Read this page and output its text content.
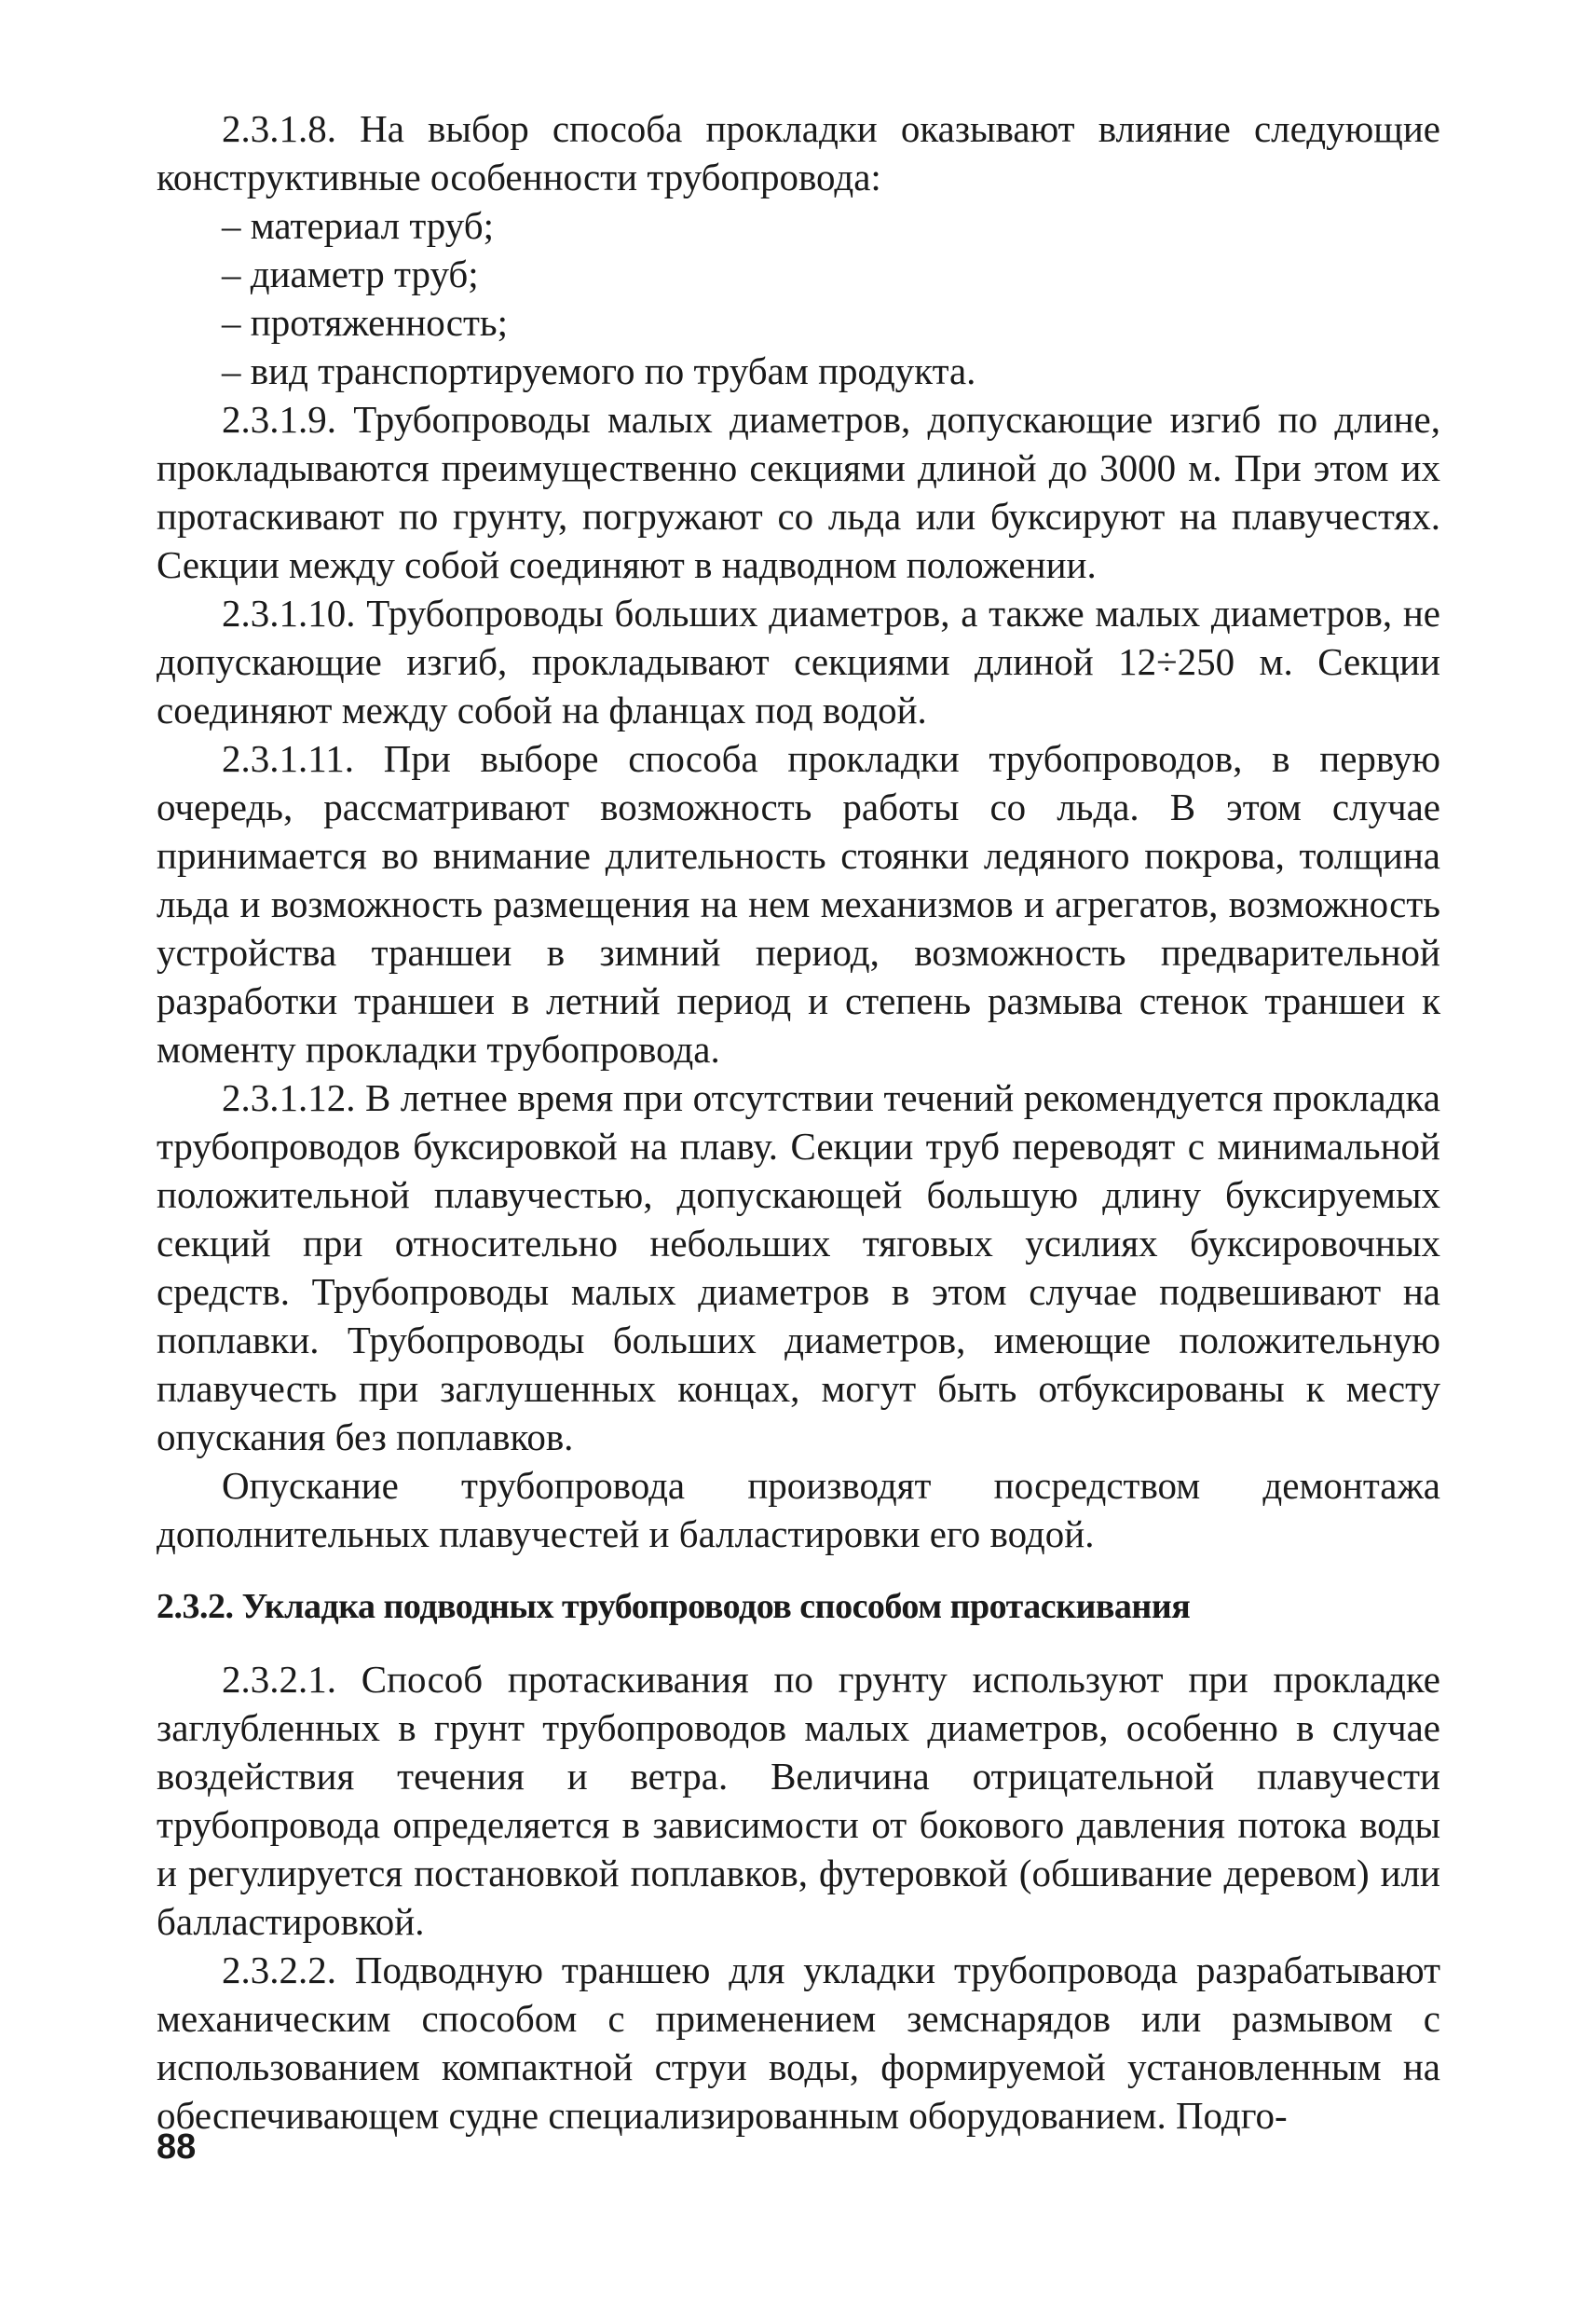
2.3.1.8. На выбор способа прокладки оказывают влияние следующие конструктивные особенности трубопровода:

– материал труб;

– диаметр труб;

– протяженность;

– вид транспортируемого по трубам продукта.

2.3.1.9. Трубопроводы малых диаметров, допускающие изгиб по длине, прокладываются преимущественно секциями длиной до 3000 м. При этом их протаскивают по грунту, погружают со льда или буксируют на плавучестях. Секции между собой соединяют в надводном положении.

2.3.1.10. Трубопроводы больших диаметров, а также малых диаметров, не допускающие изгиб, прокладывают секциями длиной 12÷250 м. Секции соединяют между собой на фланцах под водой.

2.3.1.11. При выборе способа прокладки трубопроводов, в первую очередь, рассматривают возможность работы со льда. В этом случае принимается во внимание длительность стоянки ледяного покрова, толщина льда и возможность размещения на нем механизмов и агрегатов, возможность устройства траншеи в зимний период, возможность предварительной разработки траншеи в летний период и степень размыва стенок траншеи к моменту прокладки трубопровода.

2.3.1.12. В летнее время при отсутствии течений рекомендуется прокладка трубопроводов буксировкой на плаву. Секции труб переводят с минимальной положительной плавучестью, допускающей большую длину буксируемых секций при относительно небольших тяговых усилиях буксировочных средств. Трубопроводы малых диаметров в этом случае подвешивают на поплавки. Трубопроводы больших диаметров, имеющие положительную плавучесть при заглушенных концах, могут быть отбуксированы к месту опускания без поплавков.

Опускание трубопровода производят посредством демонтажа дополнительных плавучестей и балластировки его водой.

2.3.2. Укладка подводных трубопроводов способом протаскивания

2.3.2.1. Способ протаскивания по грунту используют при прокладке заглубленных в грунт трубопроводов малых диаметров, особенно в случае воздействия течения и ветра. Величина отрицательной плавучести трубопровода определяется в зависимости от бокового давления потока воды и регулируется постановкой поплавков, футеровкой (обшивание деревом) или балластировкой.

2.3.2.2. Подводную траншею для укладки трубопровода разрабатывают механическим способом с применением земснарядов или размывом с использованием компактной струи воды, формируемой установленным на обеспечивающем судне специализированным оборудованием. Подго-

88
